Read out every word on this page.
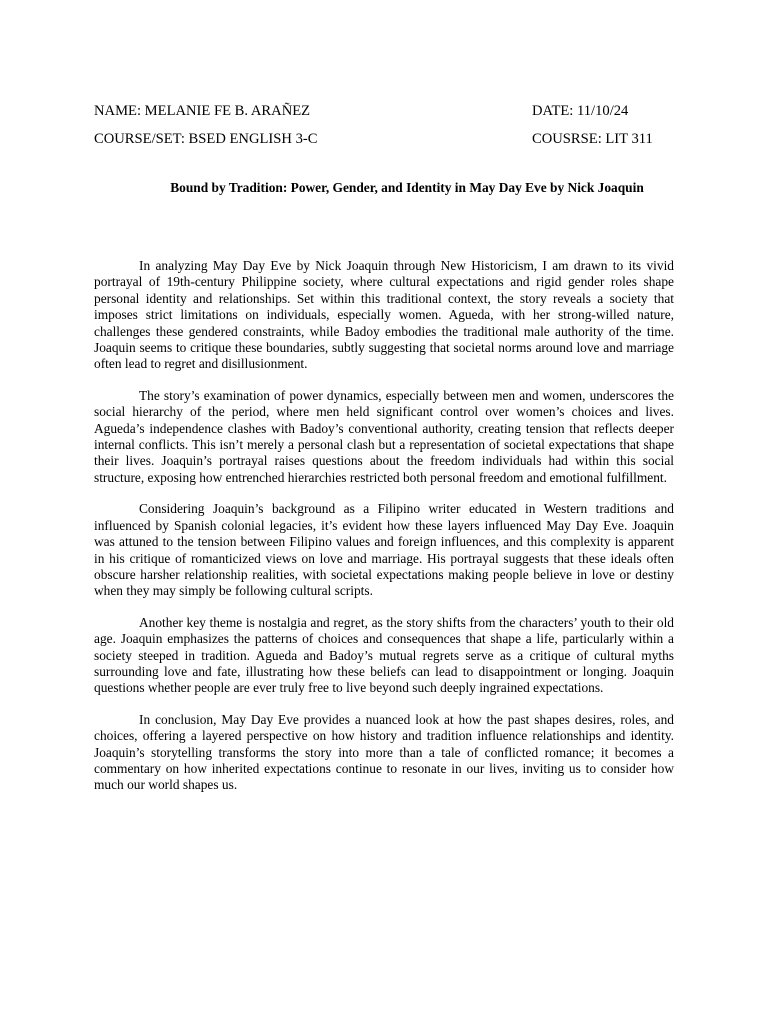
NAME: MELANIE FE B. ARAÑEZ	DATE: 11/10/24
COURSE/SET: BSED ENGLISH 3-C	COUSRSE: LIT 311
Bound by Tradition: Power, Gender, and Identity in May Day Eve by Nick Joaquin

In analyzing May Day Eve by Nick Joaquin through New Historicism, I am drawn to its vivid portrayal of 19th-century Philippine society, where cultural expectations and rigid gender roles shape personal identity and relationships. Set within this traditional context, the story reveals a society that imposes strict limitations on individuals, especially women. Agueda, with her strong-willed nature, challenges these gendered constraints, while Badoy embodies the traditional male authority of the time. Joaquin seems to critique these boundaries, subtly suggesting that societal norms around love and marriage often lead to regret and disillusionment.

The story’s examination of power dynamics, especially between men and women, underscores the social hierarchy of the period, where men held significant control over women’s choices and lives. Agueda’s independence clashes with Badoy’s conventional authority, creating tension that reflects deeper internal conflicts. This isn’t merely a personal clash but a representation of societal expectations that shape their lives. Joaquin’s portrayal raises questions about the freedom individuals had within this social structure, exposing how entrenched hierarchies restricted both personal freedom and emotional fulfillment.

Considering Joaquin’s background as a Filipino writer educated in Western traditions and influenced by Spanish colonial legacies, it’s evident how these layers influenced May Day Eve. Joaquin was attuned to the tension between Filipino values and foreign influences, and this complexity is apparent in his critique of romanticized views on love and marriage. His portrayal suggests that these ideals often obscure harsher relationship realities, with societal expectations making people believe in love or destiny when they may simply be following cultural scripts.

Another key theme is nostalgia and regret, as the story shifts from the characters’ youth to their old age. Joaquin emphasizes the patterns of choices and consequences that shape a life, particularly within a society steeped in tradition. Agueda and Badoy’s mutual regrets serve as a critique of cultural myths surrounding love and fate, illustrating how these beliefs can lead to disappointment or longing. Joaquin questions whether people are ever truly free to live beyond such deeply ingrained expectations.

In conclusion, May Day Eve provides a nuanced look at how the past shapes desires, roles, and choices, offering a layered perspective on how history and tradition influence relationships and identity. Joaquin’s storytelling transforms the story into more than a tale of conflicted romance; it becomes a commentary on how inherited expectations continue to resonate in our lives, inviting us to consider how much our world shapes us.
